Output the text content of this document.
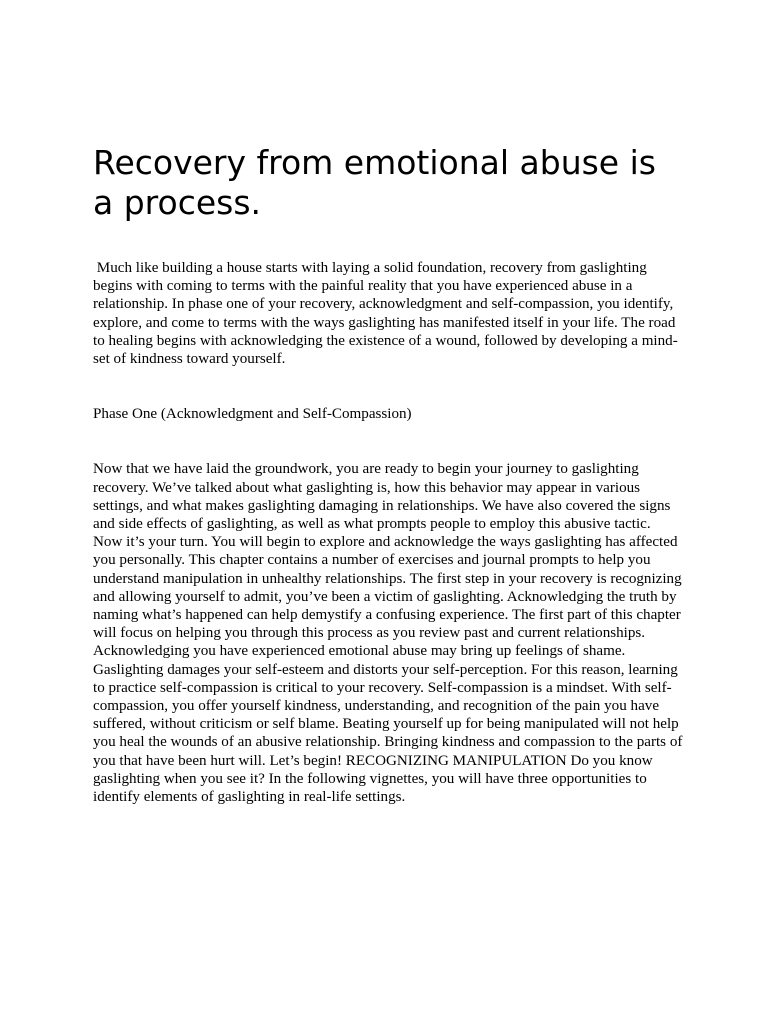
Recovery from emotional abuse is a process.

Much like building a house starts with laying a solid foundation, recovery from gaslighting begins with coming to terms with the painful reality that you have experienced abuse in a relationship. In phase one of your recovery, acknowledgment and self-compassion, you identify, explore, and come to terms with the ways gaslighting has manifested itself in your life. The road to healing begins with acknowledging the existence of a wound, followed by developing a mind-set of kindness toward yourself.

Phase One (Acknowledgment and Self-Compassion)

Now that we have laid the groundwork, you are ready to begin your journey to gaslighting recovery. We’ve talked about what gaslighting is, how this behavior may appear in various settings, and what makes gaslighting damaging in relationships. We have also covered the signs and side effects of gaslighting, as well as what prompts people to employ this abusive tactic. Now it’s your turn. You will begin to explore and acknowledge the ways gaslighting has affected you personally. This chapter contains a number of exercises and journal prompts to help you understand manipulation in unhealthy relationships. The first step in your recovery is recognizing and allowing yourself to admit, you’ve been a victim of gaslighting. Acknowledging the truth by naming what’s happened can help demystify a confusing experience. The first part of this chapter will focus on helping you through this process as you review past and current relationships. Acknowledging you have experienced emotional abuse may bring up feelings of shame. Gaslighting damages your self-esteem and distorts your self-perception. For this reason, learning to practice self-compassion is critical to your recovery. Self-compassion is a mindset. With self-compassion, you offer yourself kindness, understanding, and recognition of the pain you have suffered, without criticism or self blame. Beating yourself up for being manipulated will not help you heal the wounds of an abusive relationship. Bringing kindness and compassion to the parts of you that have been hurt will. Let’s begin! RECOGNIZING MANIPULATION Do you know gaslighting when you see it? In the following vignettes, you will have three opportunities to identify elements of gaslighting in real-life settings.
